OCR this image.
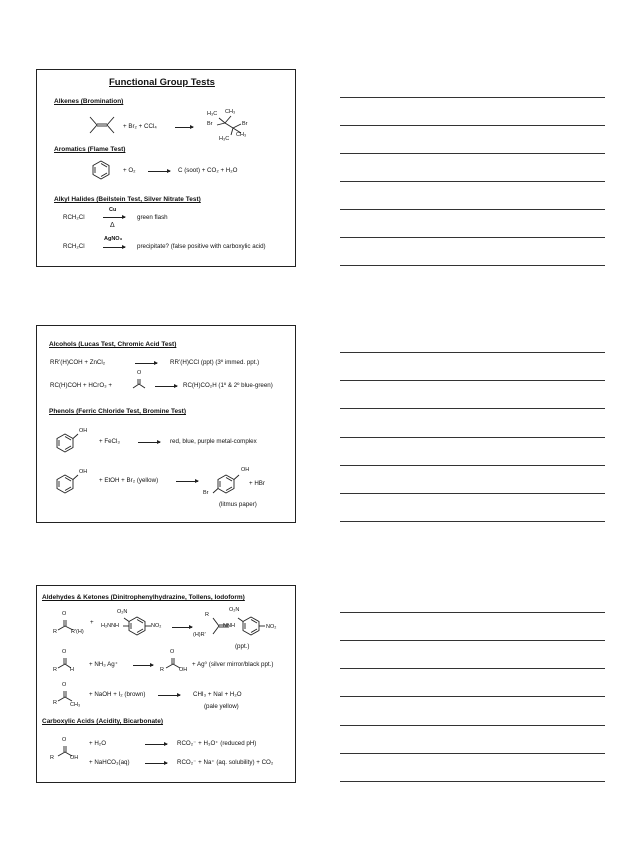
Functional Group Tests
Alkenes (Bromination)
+ Br₂ + CCl₄ →
H₃C CH₃
Br	Br
H₃C
CH₃
Aromatics (Flame Test)
+ O₂ → C (soot) + CO₂ + H₂O
Alkyl Halides (Beilstein Test, Silver Nitrate Test)
RCH₂Cl
Cu
Δ
green flash
RCH₂Cl
AgNO₃
→ precipitate? (false positive with carboxylic acid)
Alcohols (Lucas Test, Chromic Acid Test)
RR’(H)COH + ZnCl₂ → RR’(H)CCl (ppt) (3º immed. ppt.)
RC(H)COH + HCrO₃ +
O
→ RC(H)CO₂H (1º & 2º blue-green)
Phenols (Ferric Chloride Test, Bromine Test)
OH
+ FeCl₃ → red, blue, purple metal-complex
OH
+ EtOH + Br₂ (yellow) →
OH
Br
+ HBr
(litmus paper)
Aldehydes & Ketones (Dinitrophenylhydrazine, Tollens, Iodoform)
O
R	R'(H)
+
O₂N
H₂NNH	NO₂ →
O₂N
R
NNH	NO₂
(H)R'
(ppt.)
O
R H
+ NH₃ Ag⁺ →
O
R	OH
+ Ag⁰ (silver mirror/black ppt.)
O
R CH₃
+ NaOH + I₂ (brown) → CHI₃ + NaI + H₂O
(pale yellow)
Carboxylic Acids (Acidity, Bicarbonate)
O
R	OH
+ H₂O → RCO₂⁻ + H₃O⁺ (reduced pH)
+ NaHCO₃(aq) → RCO₂⁻ + Na⁺ (aq. solubility) + CO₂
